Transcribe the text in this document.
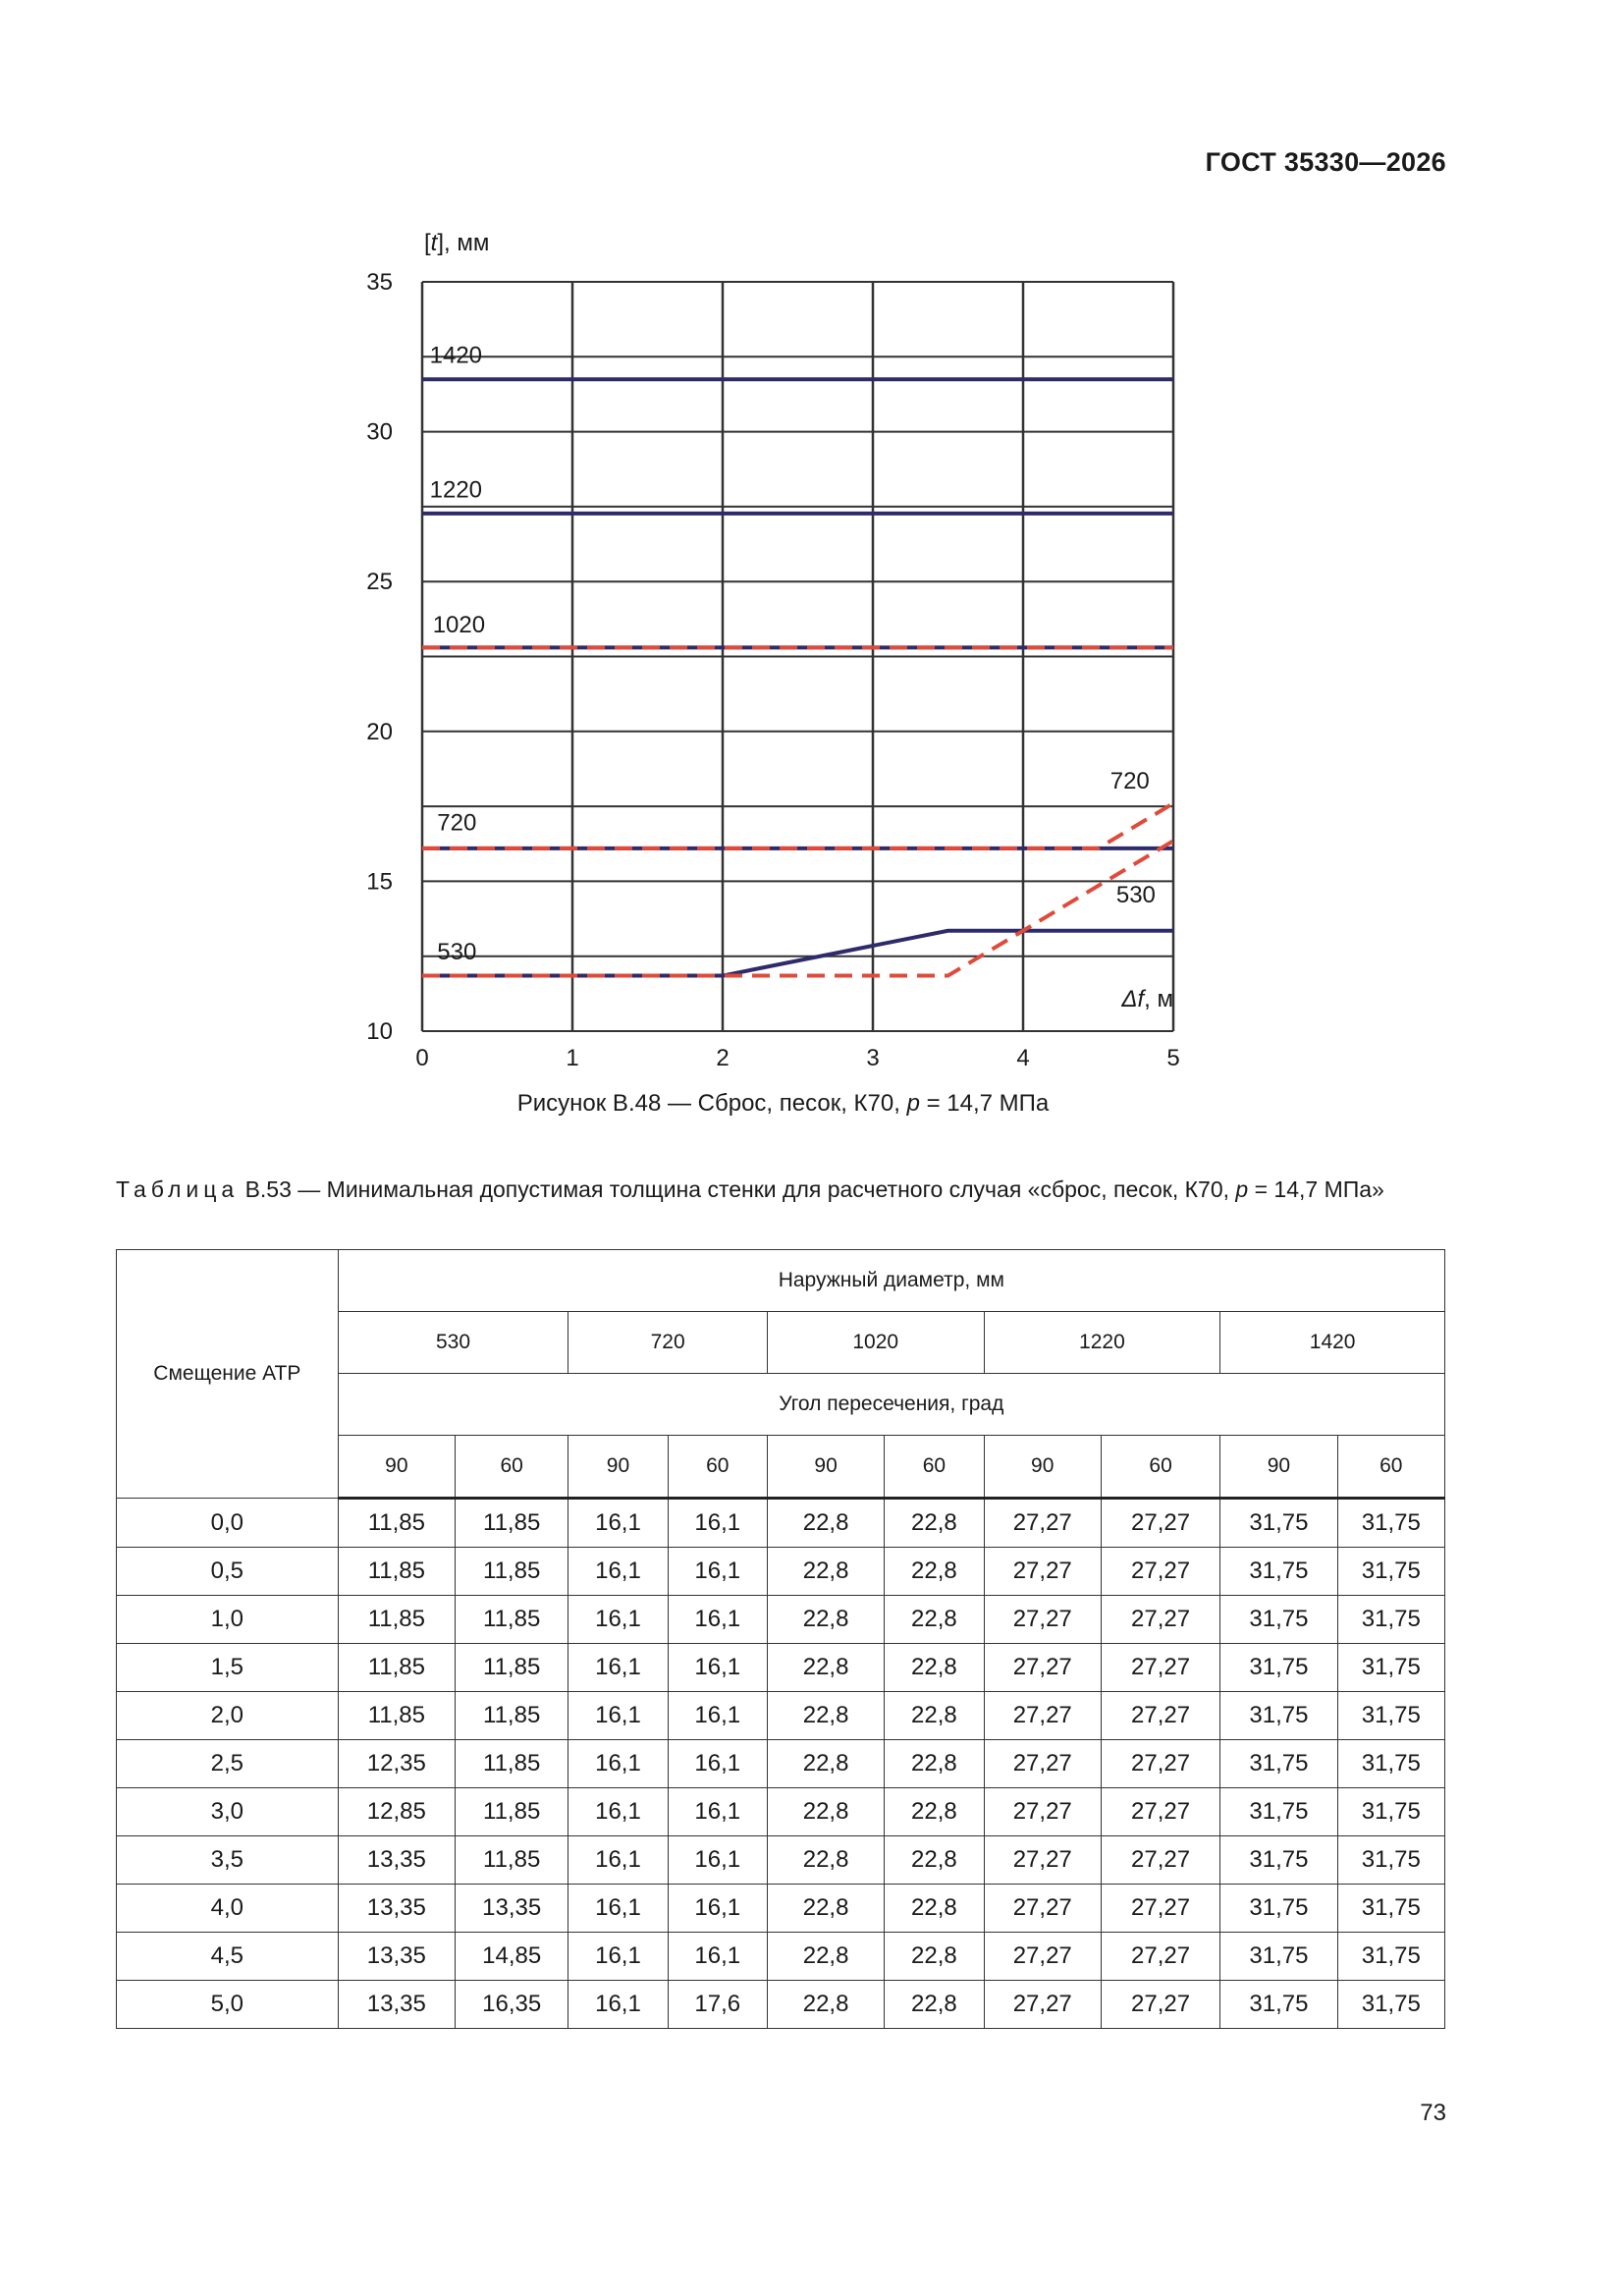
ГОСТ 35330—2026
1420
1220
1020
720
530
720
530
0	1	2	3	4	5
10
15
20
25
30
35
[t], мм
Δf, м
Рисунок В.48 — Сброс, песок, К70, p = 14,7 МПа
Таблица В.53 — Минимальная допустимая толщина стенки для расчетного случая «сброс, песок, К70, p = 14,7 МПа»
Смещение АТР	Наружный диаметр, мм									
	530		720		1020		1220		1420	
	Угол пересечения, град									
	90	60	90	60	90	60	90	60	90	60
0,0	11,85	11,85	16,1	16,1	22,8	22,8	27,27	27,27	31,75	31,75
0,5	11,85	11,85	16,1	16,1	22,8	22,8	27,27	27,27	31,75	31,75
1,0	11,85	11,85	16,1	16,1	22,8	22,8	27,27	27,27	31,75	31,75
1,5	11,85	11,85	16,1	16,1	22,8	22,8	27,27	27,27	31,75	31,75
2,0	11,85	11,85	16,1	16,1	22,8	22,8	27,27	27,27	31,75	31,75
2,5	12,35	11,85	16,1	16,1	22,8	22,8	27,27	27,27	31,75	31,75
3,0	12,85	11,85	16,1	16,1	22,8	22,8	27,27	27,27	31,75	31,75
3,5	13,35	11,85	16,1	16,1	22,8	22,8	27,27	27,27	31,75	31,75
4,0	13,35	13,35	16,1	16,1	22,8	22,8	27,27	27,27	31,75	31,75
4,5	13,35	14,85	16,1	16,1	22,8	22,8	27,27	27,27	31,75	31,75
5,0	13,35	16,35	16,1	17,6	22,8	22,8	27,27	27,27	31,75	31,75
73
